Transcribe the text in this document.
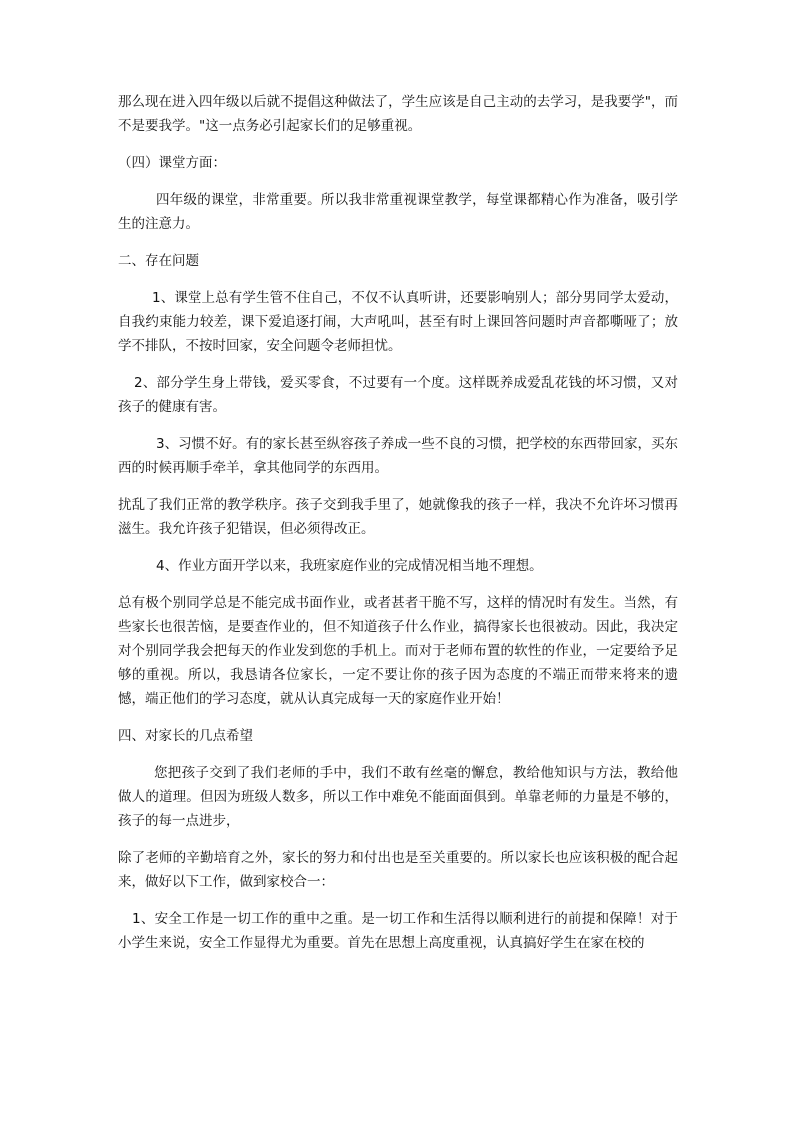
那么现在进入四年级以后就不提倡这种做法了，学生应该是自己主动的去学习，是我要学"，而不是要我学。"这一点务必引起家长们的足够重视。

（四）课堂方面：

四年级的课堂，非常重要。所以我非常重视课堂教学，每堂课都精心作为准备，吸引学生的注意力。

二、存在问题

1、课堂上总有学生管不住自己，不仅不认真听讲，还要影响别人；部分男同学太爱动，自我约束能力较差，课下爱追逐打闹，大声吼叫，甚至有时上课回答问题时声音都嘶哑了；放学不排队，不按时回家，安全问题令老师担忧。

2、部分学生身上带钱，爱买零食，不过要有一个度。这样既养成爱乱花钱的坏习惯，又对孩子的健康有害。

3、习惯不好。有的家长甚至纵容孩子养成一些不良的习惯，把学校的东西带回家，买东西的时候再顺手牵羊，拿其他同学的东西用。

扰乱了我们正常的教学秩序。孩子交到我手里了，她就像我的孩子一样，我决不允许坏习惯再滋生。我允许孩子犯错误，但必须得改正。

4、作业方面开学以来，我班家庭作业的完成情况相当地不理想。

总有极个别同学总是不能完成书面作业，或者甚者干脆不写，这样的情况时有发生。当然，有些家长也很苦恼，是要查作业的，但不知道孩子什么作业，搞得家长也很被动。因此，我决定对个别同学我会把每天的作业发到您的手机上。而对于老师布置的软性的作业，一定要给予足够的重视。所以，我恳请各位家长，一定不要让你的孩子因为态度的不端正而带来将来的遗憾，端正他们的学习态度，就从认真完成每一天的家庭作业开始！

四、对家长的几点希望

您把孩子交到了我们老师的手中，我们不敢有丝毫的懈怠，教给他知识与方法，教给他做人的道理。但因为班级人数多，所以工作中难免不能面面俱到。单靠老师的力量是不够的，孩子的每一点进步，

除了老师的辛勤培育之外，家长的努力和付出也是至关重要的。所以家长也应该积极的配合起来，做好以下工作，做到家校合一：

1、安全工作是一切工作的重中之重。是一切工作和生活得以顺利进行的前提和保障！对于小学生来说，安全工作显得尤为重要。首先在思想上高度重视，认真搞好学生在家在校的
